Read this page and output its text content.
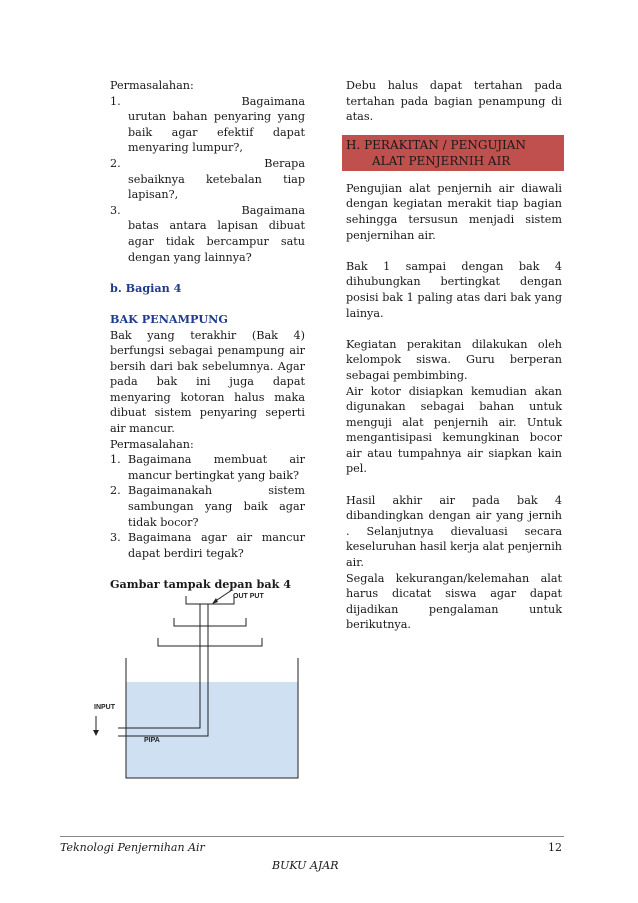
Permasalahan:

1.	Bagaimana
urutan bahan penyaring yang baik agar efektif dapat menyaring lumpur?,
2.	Berapa
sebaiknya ketebalan tiap lapisan?,
3.	Bagaimana
batas antara lapisan dibuat agar tidak bercampur satu dengan yang lainnya?

b. Bagian 4

BAK PENAMPUNG

Bak yang terakhir (Bak 4) berfungsi sebagai penampung air bersih dari bak sebelumnya. Agar pada bak ini juga dapat menyaring kotoran halus maka dibuat sistem penyaring seperti air mancur.

Permasalahan:

1. Bagaimana membuat air mancur bertingkat yang baik?
2. Bagaimanakah sistem sambungan yang baik agar tidak bocor?
3. Bagaimana agar air mancur dapat berdiri tegak?

Gambar tampak depan bak 4

OUT PUT
INPUT
PIPA

Debu halus dapat tertahan pada tertahan pada bagian penampung di atas.

H. PERAKITAN / PENGUJIAN
ALAT PENJERNIH AIR

Pengujian alat penjernih air diawali dengan kegiatan merakit tiap bagian sehingga tersusun menjadi sistem penjernihan air.

Bak 1 sampai dengan bak 4 dihubungkan bertingkat dengan posisi bak 1 paling atas dari bak yang lainya.

Kegiatan perakitan dilakukan oleh kelompok siswa. Guru berperan sebagai pembimbing.

Air kotor disiapkan kemudian akan digunakan sebagai bahan untuk menguji alat penjernih air. Untuk mengantisipasi kemungkinan bocor air atau tumpahnya air siapkan kain pel.

Hasil akhir air pada bak 4 dibandingkan dengan air yang jernih . Selanjutnya dievaluasi secara keseluruhan hasil kerja alat penjernih air.

Segala kekurangan/kelemahan alat harus dicatat siswa agar dapat dijadikan pengalaman untuk berikutnya.

Teknologi Penjernihan Air	12
BUKU AJAR
